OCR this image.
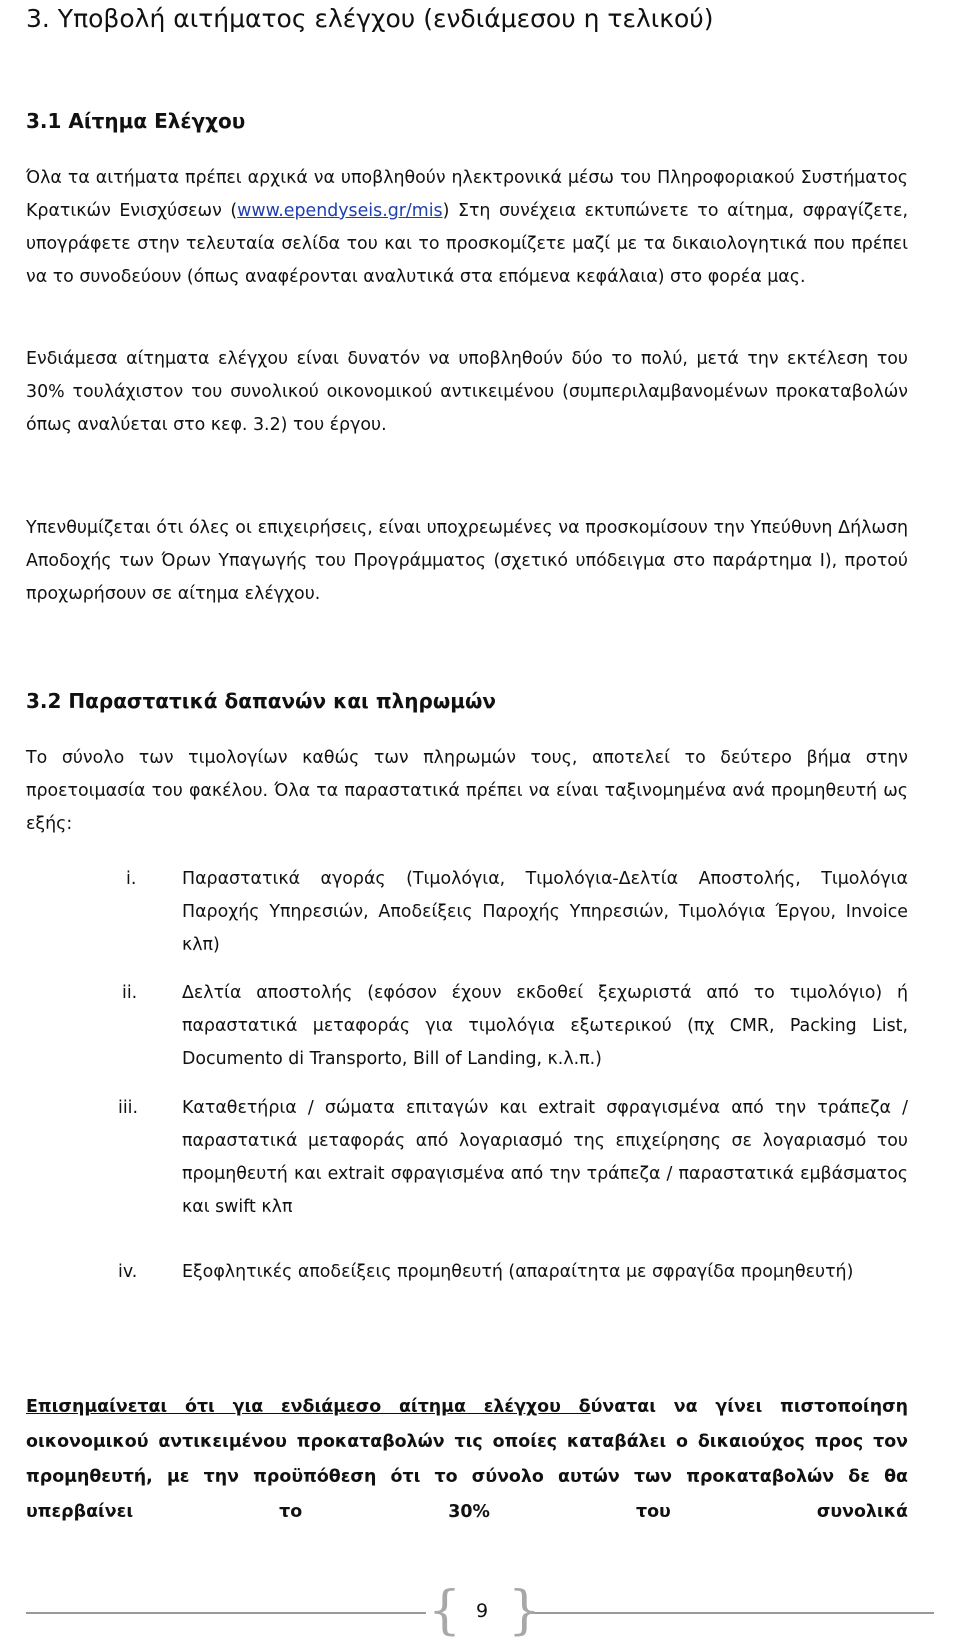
3. Υποβολή αιτήματος ελέγχου (ενδιάμεσου η τελικού)
3.1 Αίτημα Ελέγχου

Όλα τα αιτήματα πρέπει αρχικά να υποβληθούν ηλεκτρονικά μέσω του Πληροφοριακού Συστήματος Κρατικών Ενισχύσεων (www.ependyseis.gr/mis) Στη συνέχεια εκτυπώνετε το αίτημα, σφραγίζετε, υπογράφετε στην τελευταία σελίδα του και το προσκομίζετε μαζί με τα δικαιολογητικά που πρέπει να το συνοδεύουν (όπως αναφέρονται αναλυτικά στα επόμενα κεφάλαια) στο φορέα μας.

Ενδιάμεσα αίτηματα ελέγχου είναι δυνατόν να υποβληθούν δύο το πολύ, μετά την εκτέλεση του 30% τουλάχιστον του συνολικού οικονομικού αντικειμένου (συμπεριλαμβανομένων προκαταβολών όπως αναλύεται στο κεφ. 3.2) του έργου.

Υπενθυμίζεται ότι όλες οι επιχειρήσεις, είναι υποχρεωμένες να προσκομίσουν την Υπεύθυνη Δήλωση Αποδοχής των Όρων Υπαγωγής του Προγράμματος (σχετικό υπόδειγμα στο παράρτημα Ι), προτού προχωρήσουν σε αίτημα ελέγχου.

3.2 Παραστατικά δαπανών και πληρωμών

Το σύνολο των τιμολογίων καθώς των πληρωμών τους, αποτελεί το δεύτερο βήμα στην προετοιμασία του φακέλου. Όλα τα παραστατικά πρέπει να είναι ταξινομημένα ανά προμηθευτή ως εξής:

i.	Παραστατικά αγοράς (Τιμολόγια, Τιμολόγια-Δελτία Αποστολής, Τιμολόγια Παροχής Υπηρεσιών, Αποδείξεις Παροχής Υπηρεσιών, Τιμολόγια Έργου, Invoice κλπ)
ii.	Δελτία αποστολής (εφόσον έχουν εκδοθεί ξεχωριστά από το τιμολόγιο) ή παραστατικά μεταφοράς για τιμολόγια εξωτερικού (πχ CMR, Packing List, Documento di Transporto, Bill of Landing, κ.λ.π.)
iii.	Καταθετήρια / σώματα επιταγών και extrait σφραγισμένα από την τράπεζα / παραστατικά μεταφοράς από λογαριασμό της επιχείρησης σε λογαριασμό του προμηθευτή και extrait σφραγισμένα από την τράπεζα / παραστατικά εμβάσματος και swift κλπ
iv.	Εξοφλητικές αποδείξεις προμηθευτή (απαραίτητα με σφραγίδα προμηθευτή)

Επισημαίνεται ότι για ενδιάμεσο αίτημα ελέγχου δύναται να γίνει πιστοποίηση οικονομικού αντικειμένου προκαταβολών τις οποίες καταβάλει ο δικαιούχος προς τον προμηθευτή, με την προϋπόθεση ότι το σύνολο αυτών των προκαταβολών δε θα υπερβαίνει το 30% του συνολικά

{ }
9
